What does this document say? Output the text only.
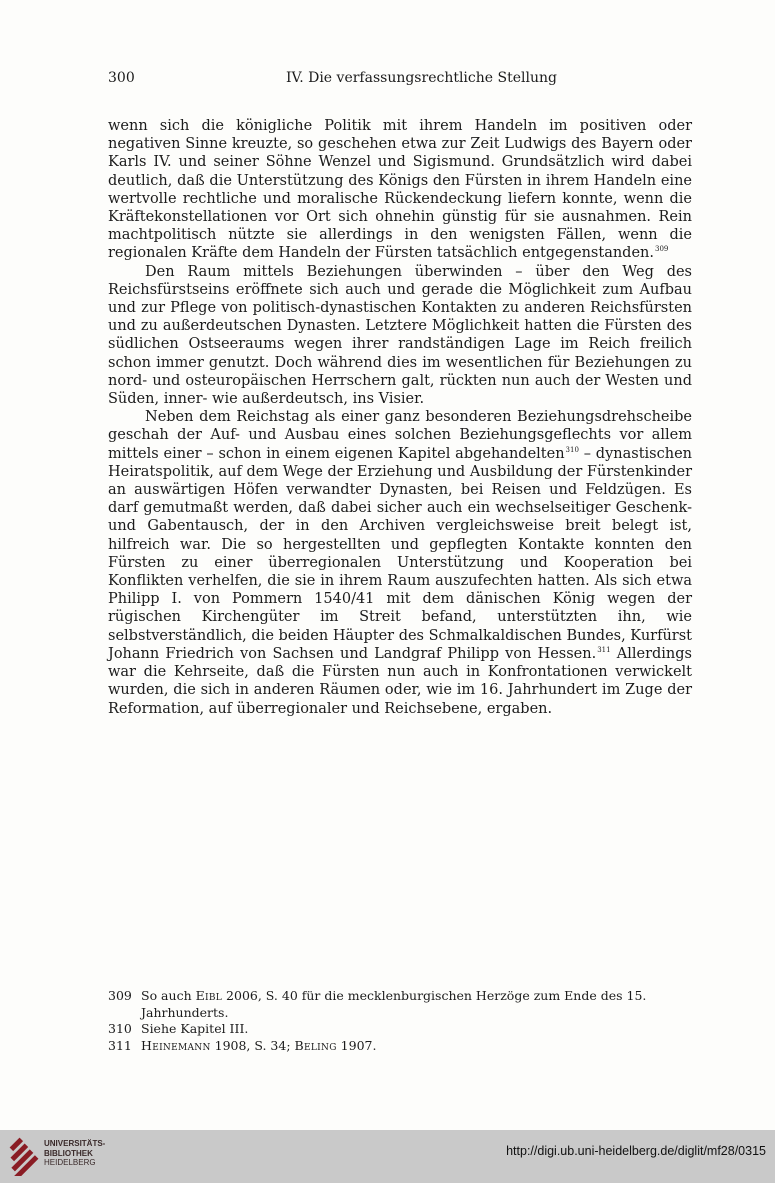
300	IV. Die verfassungsrechtliche Stellung

wenn sich die königliche Politik mit ihrem Handeln im positiven oder negativen Sinne kreuzte, so geschehen etwa zur Zeit Ludwigs des Bayern oder Karls IV. und seiner Söhne Wenzel und Sigismund. Grundsätzlich wird dabei deutlich, daß die Unterstützung des Königs den Fürsten in ihrem Handeln eine wertvolle rechtliche und moralische Rückendeckung liefern konnte, wenn die Kräftekonstellationen vor Ort sich ohnehin günstig für sie ausnahmen. Rein machtpolitisch nützte sie allerdings in den wenigsten Fällen, wenn die regionalen Kräfte dem Handeln der Fürsten tatsächlich entgegenstanden.$^{309}$

Den Raum mittels Beziehungen überwinden – über den Weg des Reichsfürstseins eröffnete sich auch und gerade die Möglichkeit zum Aufbau und zur Pflege von politisch-dynastischen Kontakten zu anderen Reichsfürsten und zu außerdeutschen Dynasten. Letztere Möglichkeit hatten die Fürsten des südlichen Ostseeraums wegen ihrer randständigen Lage im Reich freilich schon immer genutzt. Doch während dies im wesentlichen für Beziehungen zu nord- und osteuropäischen Herrschern galt, rückten nun auch der Westen und Süden, inner- wie außerdeutsch, ins Visier.

Neben dem Reichstag als einer ganz besonderen Beziehungsdrehscheibe geschah der Auf- und Ausbau eines solchen Beziehungsgeflechts vor allem mittels einer – schon in einem eigenen Kapitel abgehandelten$^{310}$ – dynastischen Heiratspolitik, auf dem Wege der Erziehung und Ausbildung der Fürstenkinder an auswärtigen Höfen verwandter Dynasten, bei Reisen und Feldzügen. Es darf gemutmaßt werden, daß dabei sicher auch ein wechselseitiger Geschenk- und Gabentausch, der in den Archiven vergleichsweise breit belegt ist, hilfreich war. Die so hergestellten und gepflegten Kontakte konnten den Fürsten zu einer überregionalen Unterstützung und Kooperation bei Konflikten verhelfen, die sie in ihrem Raum auszufechten hatten. Als sich etwa Philipp I. von Pommern 1540/41 mit dem dänischen König wegen der rügischen Kirchengüter im Streit befand, unterstützten ihn, wie selbstverständlich, die beiden Häupter des Schmalkaldischen Bundes, Kurfürst Johann Friedrich von Sachsen und Landgraf Philipp von Hessen.$^{311}$ Allerdings war die Kehrseite, daß die Fürsten nun auch in Konfrontationen verwickelt wurden, die sich in anderen Räumen oder, wie im 16. Jahrhundert im Zuge der Reformation, auf überregionaler und Reichsebene, ergaben.

309 So auch Eibl 2006, S. 40 für die mecklenburgischen Herzöge zum Ende des 15. Jahrhunderts.
310 Siehe Kapitel III.
311 Heinemann 1908, S. 34; Beling 1907.
UNIVERSITÄTS-
BIBLIOTHEK
HEIDELBERG
http://digi.ub.uni-heidelberg.de/diglit/mf28/0315
